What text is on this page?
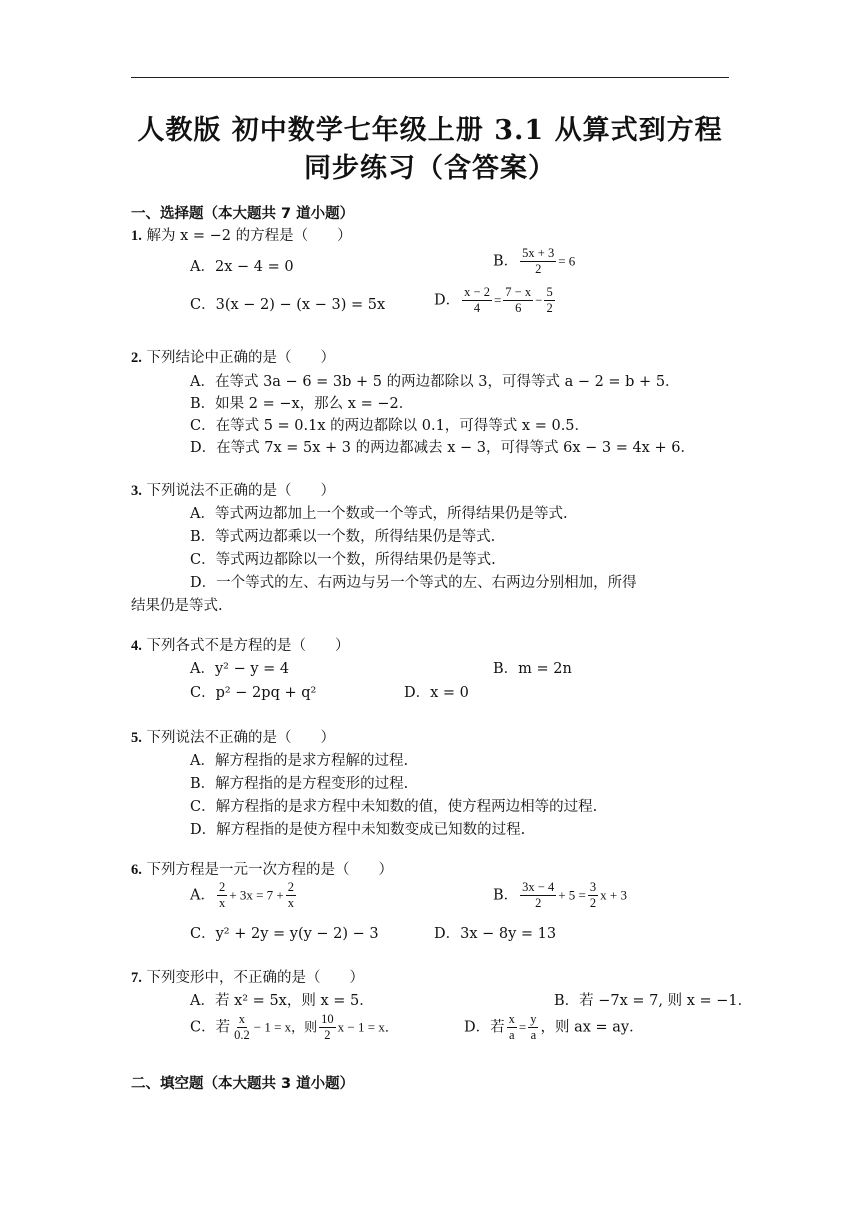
人教版 初中数学七年级上册 3.1 从算式到方程
同步练习（含答案）
一、选择题（本大题共 7 道小题）
1. 解为 x = −2 的方程是（　　）
A．2x − 4 = 0	B． $\frac{5x + 3}{2} = 6$
C．3(x − 2) − (x − 3) = 5x	D． $\frac{x - 2}{4} = \frac{7 - x}{6} - \frac{5}{2}$
2. 下列结论中正确的是（　　）
A．在等式 3a − 6 = 3b + 5 的两边都除以 3，可得等式 a − 2 = b + 5．
B．如果 2 = −x，那么 x = −2．
C．在等式 5 = 0.1x 的两边都除以 0.1，可得等式 x = 0.5．
D．在等式 7x = 5x + 3 的两边都减去 x − 3，可得等式 6x − 3 = 4x + 6．
3. 下列说法不正确的是（　　）
A．等式两边都加上一个数或一个等式，所得结果仍是等式.
B．等式两边都乘以一个数，所得结果仍是等式.
C．等式两边都除以一个数，所得结果仍是等式.
D．一个等式的左、右两边与另一个等式的左、右两边分别相加，所得
结果仍是等式.
4. 下列各式不是方程的是（　　）
A．y² − y = 4	B．m = 2n
C．p² − 2pq + q²	D．x = 0
5. 下列说法不正确的是（　　）
A．解方程指的是求方程解的过程.
B．解方程指的是方程变形的过程.
C．解方程指的是求方程中未知数的值，使方程两边相等的过程.
D．解方程指的是使方程中未知数变成已知数的过程.
6. 下列方程是一元一次方程的是（　　）
A． $\frac{2}{x} + 3x = 7 + \frac{2}{x}$	B． $\frac{3x - 4}{2} + 5 = \frac{3}{2}$ x + 3
C．y² + 2y = y(y − 2) − 3	D．3x − 8y = 13
7. 下列变形中，不正确的是（　　）
A．若 x² = 5x，则 x = 5．	B．若 −7x = 7, 则 x = −1．
C．若 $\frac{x}{0.2} - 1 = x$，则 $\frac{10}{2}$ x − 1 = x．	D．若 $\frac{x}{a} = \frac{y}{a}$ ，则 ax = ay．
二、填空题（本大题共 3 道小题）
